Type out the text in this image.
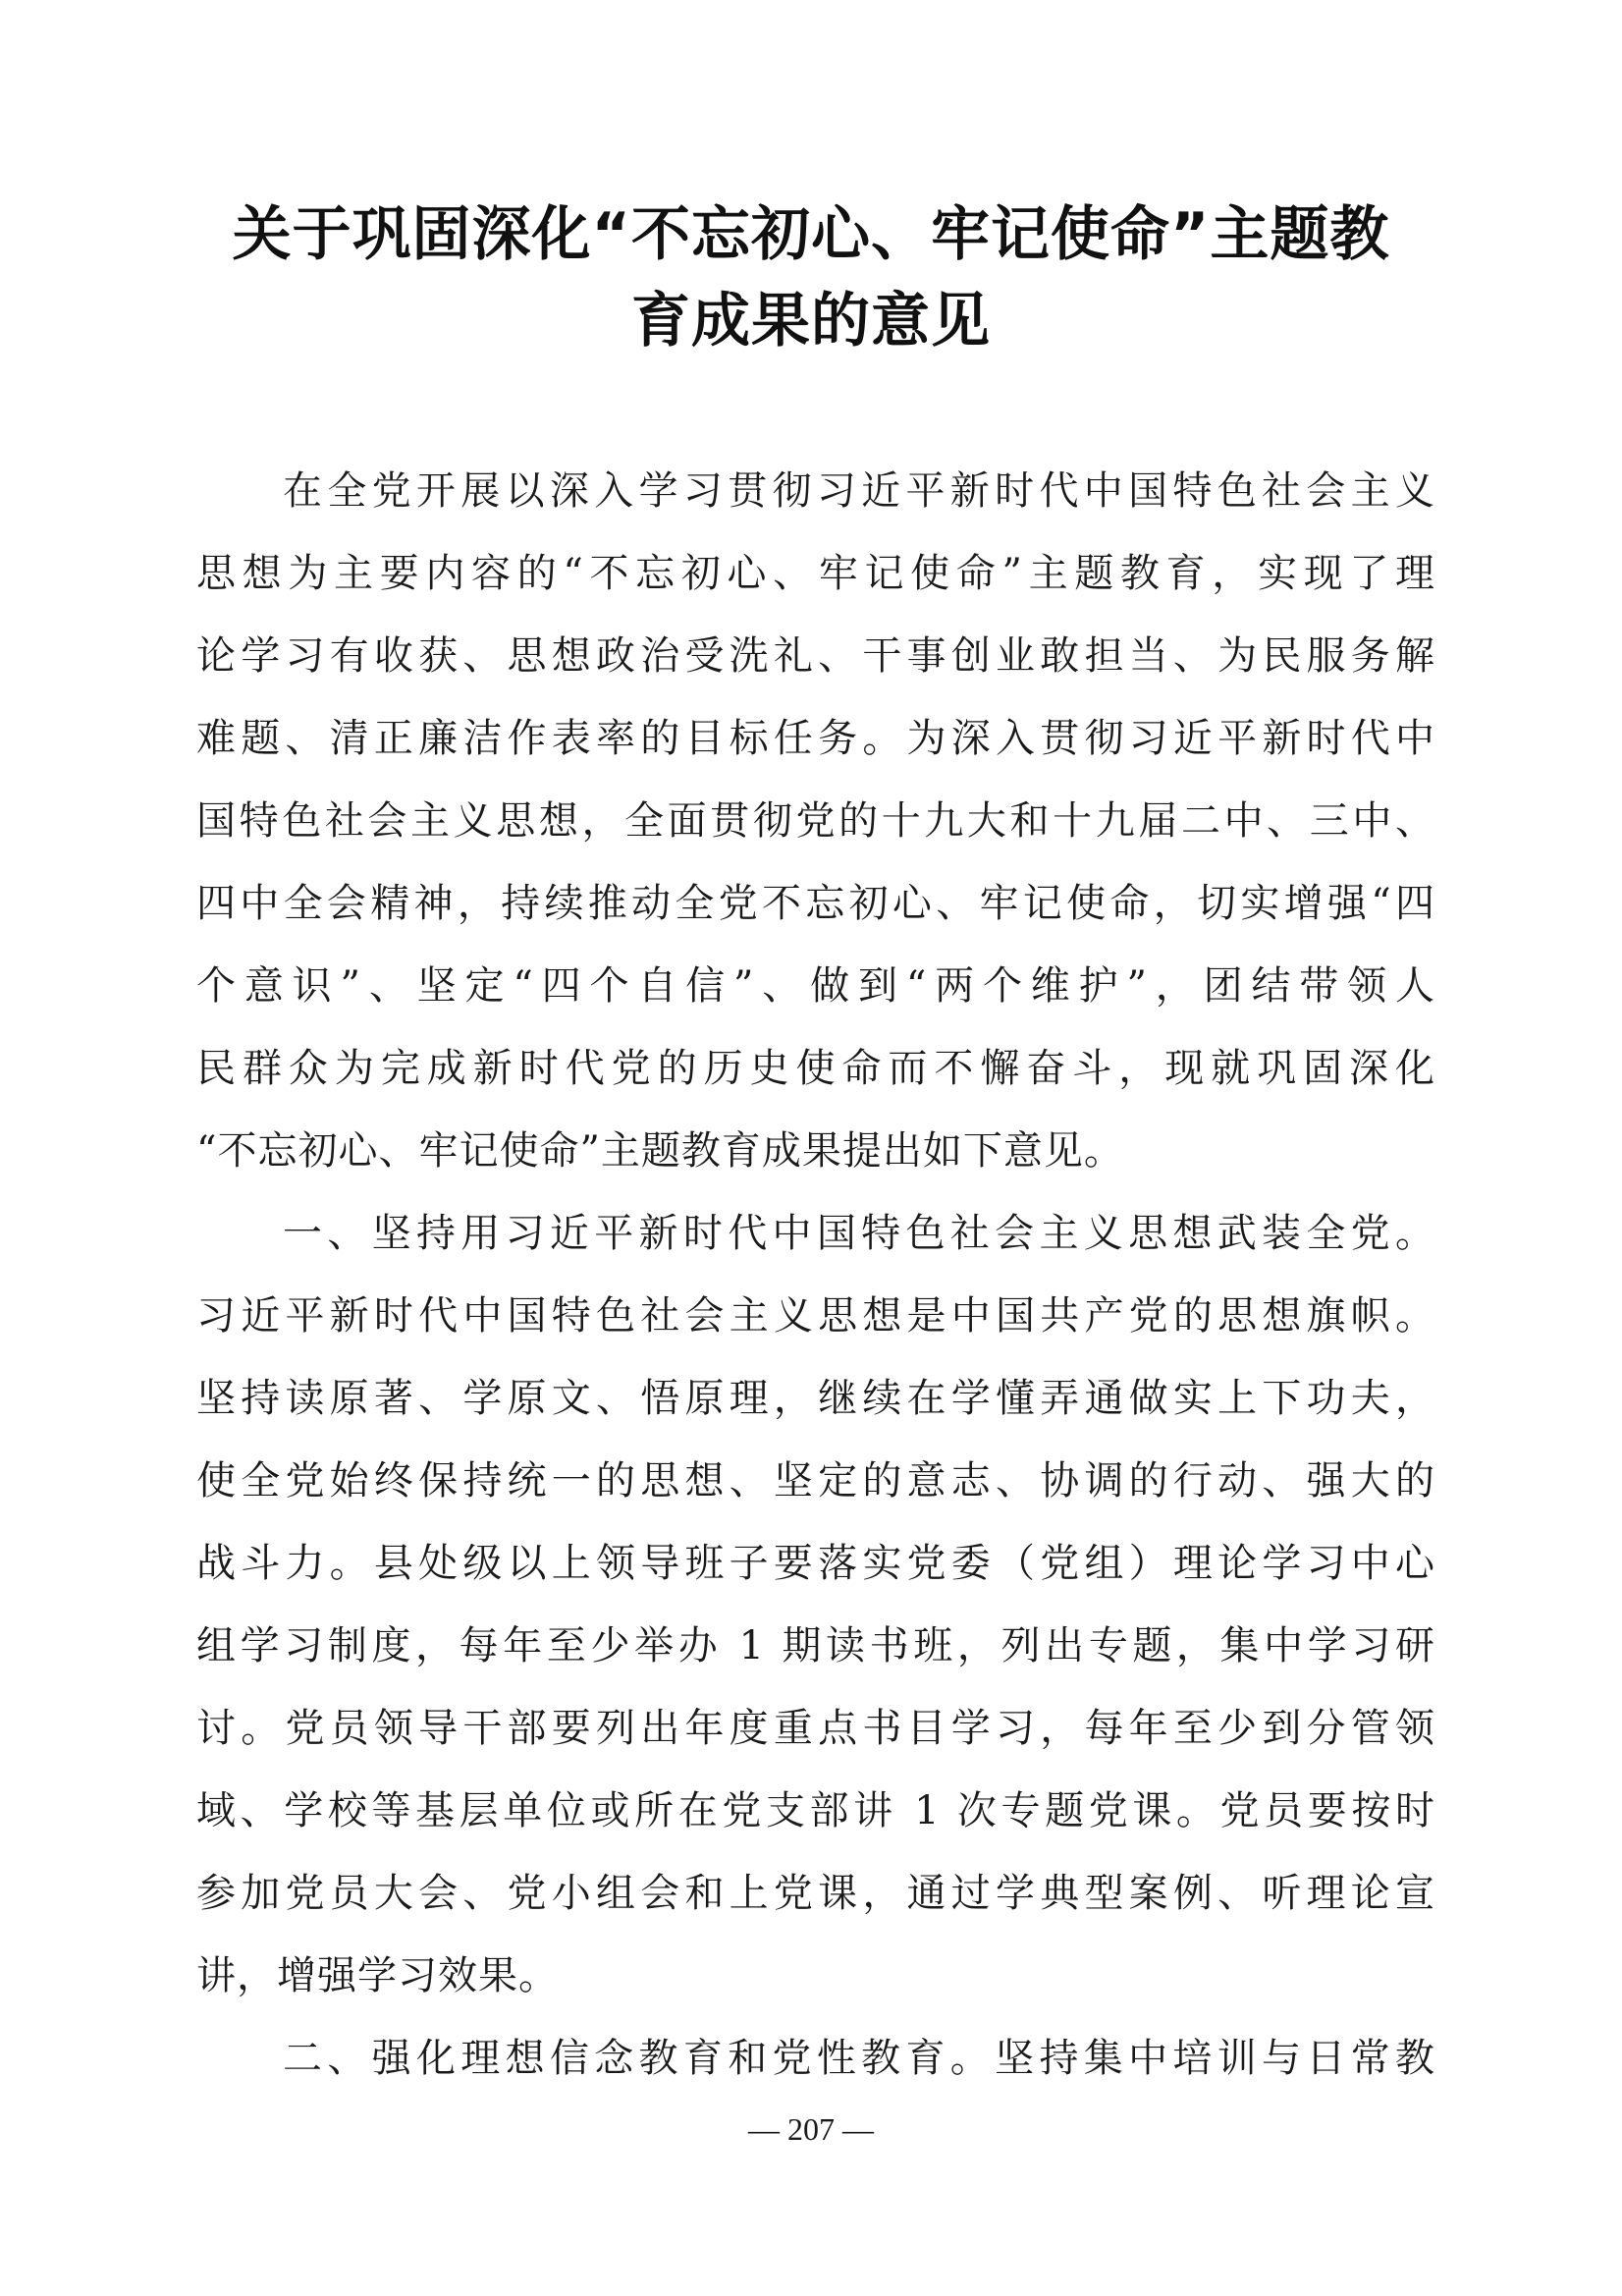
关于巩固深化“不忘初心、牢记使命”主题教
育成果的意见
在全党开展以深入学习贯彻习近平新时代中国特色社会主义
思想为主要内容的“不忘初心、牢记使命”主题教育，实现了理
论学习有收获、思想政治受洗礼、干事创业敢担当、为民服务解
难题、清正廉洁作表率的目标任务。为深入贯彻习近平新时代中
国特色社会主义思想，全面贯彻党的十九大和十九届二中、三中、
四中全会精神，持续推动全党不忘初心、牢记使命，切实增强“四
个意识”、坚定“四个自信”、做到“两个维护”，团结带领人
民群众为完成新时代党的历史使命而不懈奋斗，现就巩固深化
“不忘初心、牢记使命”主题教育成果提出如下意见。
一、坚持用习近平新时代中国特色社会主义思想武装全党。
习近平新时代中国特色社会主义思想是中国共产党的思想旗帜。
坚持读原著、学原文、悟原理，继续在学懂弄通做实上下功夫，
使全党始终保持统一的思想、坚定的意志、协调的行动、强大的
战斗力。县处级以上领导班子要落实党委（党组）理论学习中心
组学习制度，每年至少举办 1 期读书班，列出专题，集中学习研
讨。党员领导干部要列出年度重点书目学习，每年至少到分管领
域、学校等基层单位或所在党支部讲 1 次专题党课。党员要按时
参加党员大会、党小组会和上党课，通过学典型案例、听理论宣
讲，增强学习效果。
二、强化理想信念教育和党性教育。坚持集中培训与日常教
— 207 —
